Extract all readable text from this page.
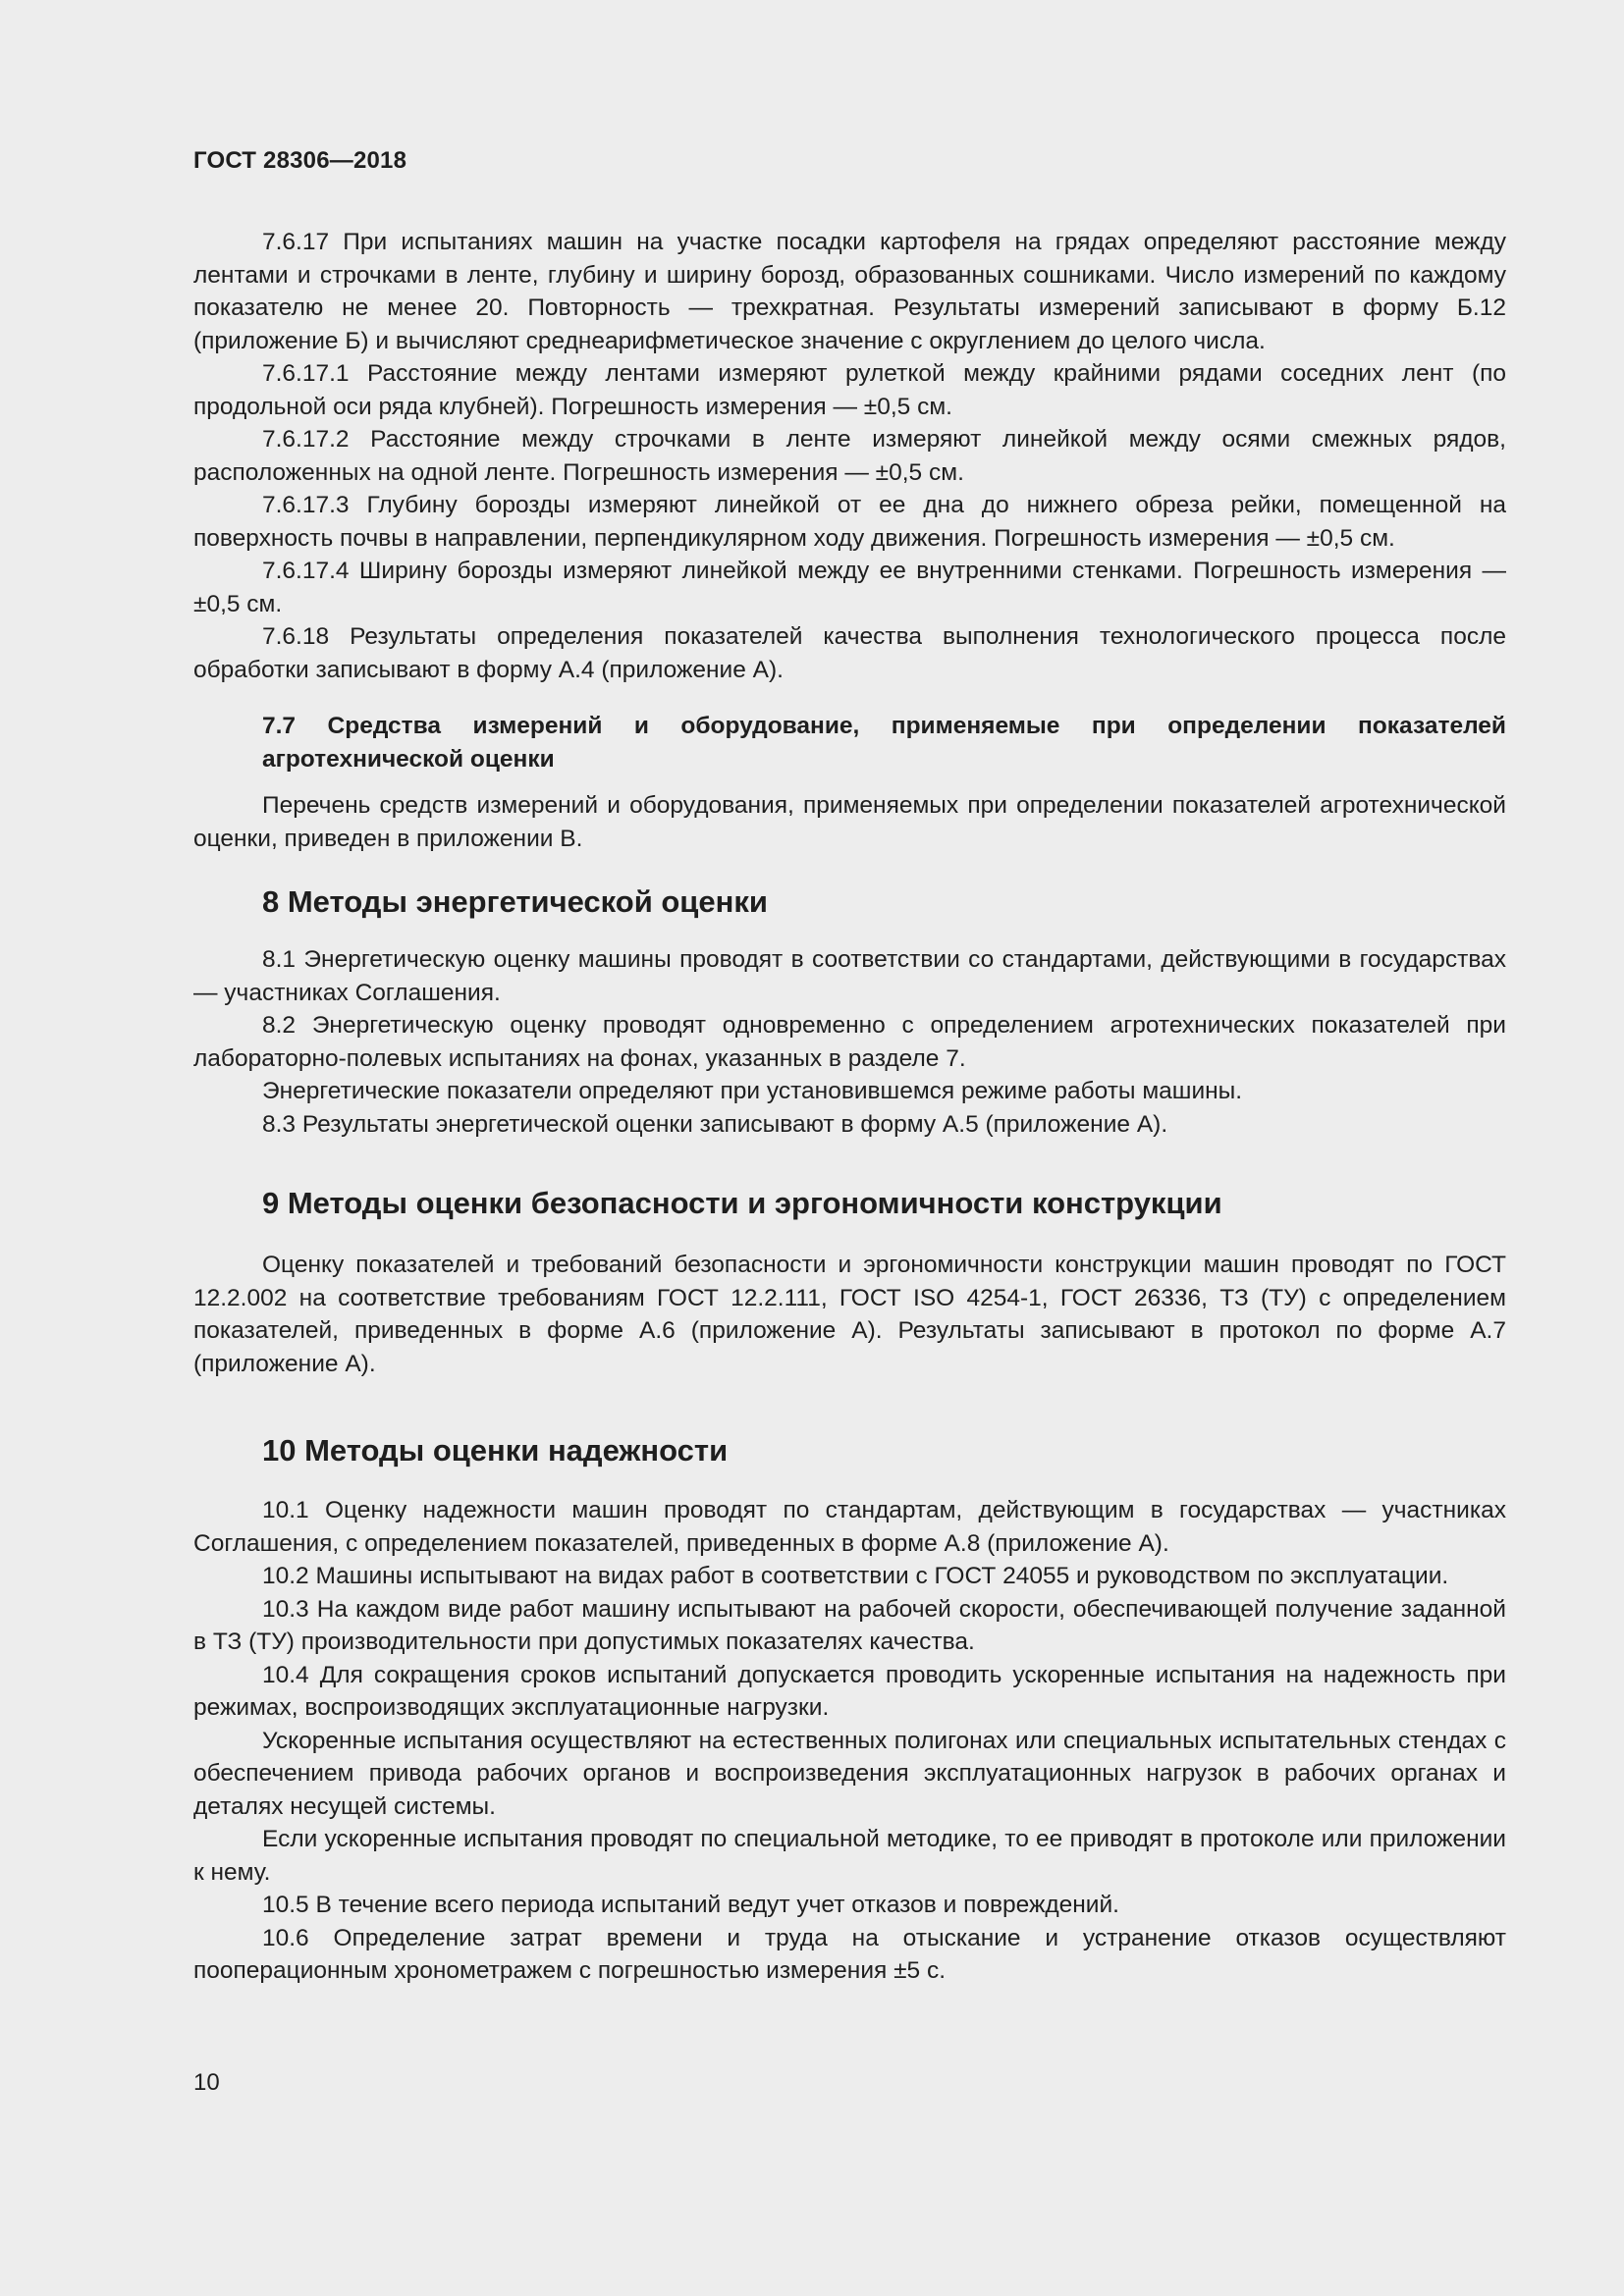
ГОСТ 28306—2018

7.6.17 При испытаниях машин на участке посадки картофеля на грядах определяют расстояние между лентами и строчками в ленте, глубину и ширину борозд, образованных сошниками. Число измерений по каждому показателю не менее 20. Повторность — трехкратная. Результаты измерений записывают в форму Б.12 (приложение Б) и вычисляют среднеарифметическое значение с округлением до целого числа.

7.6.17.1 Расстояние между лентами измеряют рулеткой между крайними рядами соседних лент (по продольной оси ряда клубней). Погрешность измерения — ±0,5 см.

7.6.17.2 Расстояние между строчками в ленте измеряют линейкой между осями смежных рядов, расположенных на одной ленте. Погрешность измерения — ±0,5 см.

7.6.17.3 Глубину борозды измеряют линейкой от ее дна до нижнего обреза рейки, помещенной на поверхность почвы в направлении, перпендикулярном ходу движения. Погрешность измерения — ±0,5 см.

7.6.17.4 Ширину борозды измеряют линейкой между ее внутренними стенками. Погрешность измерения — ±0,5 см.

7.6.18 Результаты определения показателей качества выполнения технологического процесса после обработки записывают в форму А.4 (приложение А).

7.7 Средства измерений и оборудование, применяемые при определении показателей агротехнической оценки

Перечень средств измерений и оборудования, применяемых при определении показателей агротехнической оценки, приведен в приложении В.

8 Методы энергетической оценки

8.1 Энергетическую оценку машины проводят в соответствии со стандартами, действующими в государствах — участниках Соглашения.

8.2 Энергетическую оценку проводят одновременно с определением агротехнических показателей при лабораторно-полевых испытаниях на фонах, указанных в разделе 7.

Энергетические показатели определяют при установившемся режиме работы машины.

8.3 Результаты энергетической оценки записывают в форму А.5 (приложение А).

9 Методы оценки безопасности и эргономичности конструкции

Оценку показателей и требований безопасности и эргономичности конструкции машин проводят по ГОСТ 12.2.002 на соответствие требованиям ГОСТ 12.2.111, ГОСТ ISO 4254-1, ГОСТ 26336, ТЗ (ТУ) с определением показателей, приведенных в форме А.6 (приложение А). Результаты записывают в протокол по форме А.7 (приложение А).

10 Методы оценки надежности

10.1 Оценку надежности машин проводят по стандартам, действующим в государствах — участниках Соглашения, с определением показателей, приведенных в форме А.8 (приложение А).

10.2 Машины испытывают на видах работ в соответствии с ГОСТ 24055 и руководством по эксплуатации.

10.3 На каждом виде работ машину испытывают на рабочей скорости, обеспечивающей получение заданной в ТЗ (ТУ) производительности при допустимых показателях качества.

10.4 Для сокращения сроков испытаний допускается проводить ускоренные испытания на надежность при режимах, воспроизводящих эксплуатационные нагрузки.

Ускоренные испытания осуществляют на естественных полигонах или специальных испытательных стендах с обеспечением привода рабочих органов и воспроизведения эксплуатационных нагрузок в рабочих органах и деталях несущей системы.

Если ускоренные испытания проводят по специальной методике, то ее приводят в протоколе или приложении к нему.

10.5 В течение всего периода испытаний ведут учет отказов и повреждений.

10.6 Определение затрат времени и труда на отыскание и устранение отказов осуществляют пооперационным хронометражем с погрешностью измерения ±5 с.

10
